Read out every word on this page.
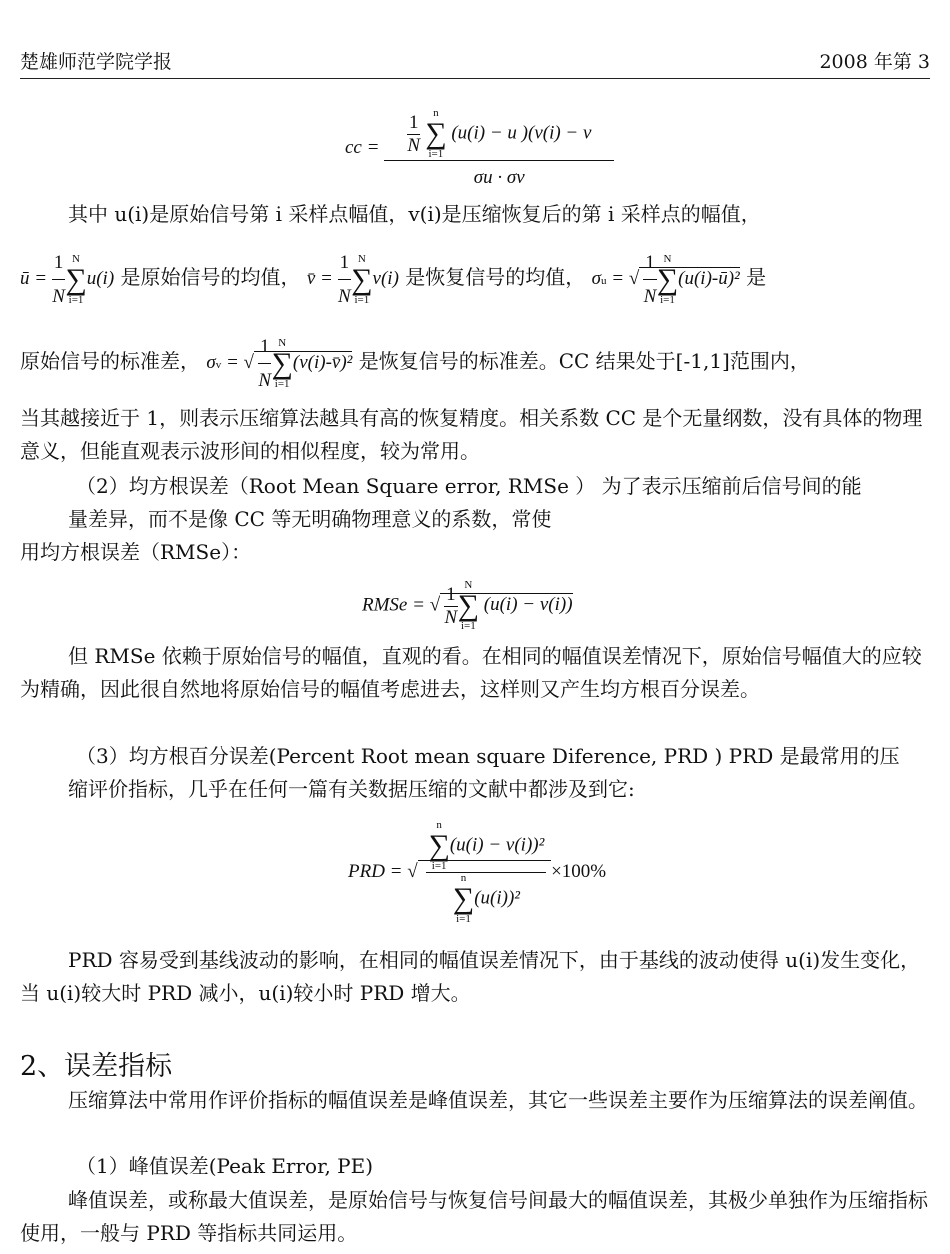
楚雄师范学院学报	2008 年第 3
cc = $\frac{1}{N}$
	n
∑
i=1
(u(i) − u )(v(i) − v
σu · σv

其中 u(i)是原始信号第 i 采样点幅值，v(i)是压缩恢复后的第 i 采样点的幅值，

ū = $\frac{1}{N}$ N
∑
i=1
u(i) 是原始信号的均值， v̄ = $\frac{1}{N}$ N
∑
i=1
v(i) 是恢复信号的均值， σu = √ $\frac{1}{N}$ N
∑
i=1
(u(i)-ū)² 是
原始信号的标准差， σv = √ $\frac{1}{N}$ N
∑
i=1
(v(i)-v̄)² 是恢复信号的标准差。CC 结果处于[-1,1]范围内，

当其越接近于 1，则表示压缩算法越具有高的恢复精度。相关系数 CC 是个无量纲数，没有具体的物理意义，但能直观表示波形间的相似程度，较为常用。

（2）均方根误差（Root Mean Square error, RMSe ） 为了表示压缩前后信号间的能

量差异，而不是像 CC 等无明确物理意义的系数，常使

用均方根误差（RMSe）：

RMSe = √ $\frac{1}{N}$ N
∑
i=1
(u(i) − v(i))

但 RMSe 依赖于原始信号的幅值，直观的看。在相同的幅值误差情况下，原始信号幅值大的应较为精确，因此很自然地将原始信号的幅值考虑进去，这样则又产生均方根百分误差。

（3）均方根百分误差(Percent Root mean square Diference, PRD ) PRD 是最常用的压

缩评价指标，几乎在任何一篇有关数据压缩的文献中都涉及到它:

PRD = √ n
∑
i=1
(u(i) − v(i))²
n
∑
i=1
(u(i))² ×100%

PRD 容易受到基线波动的影响，在相同的幅值误差情况下，由于基线的波动使得 u(i)发生变化，当 u(i)较大时 PRD 减小，u(i)较小时 PRD 增大。

2、误差指标

压缩算法中常用作评价指标的幅值误差是峰值误差，其它一些误差主要作为压缩算法的误差阐值。

（1）峰值误差(Peak Error, PE)

峰值误差，或称最大值误差，是原始信号与恢复信号间最大的幅值误差，其极少单独作为压缩指标使用，一般与 PRD 等指标共同运用。
